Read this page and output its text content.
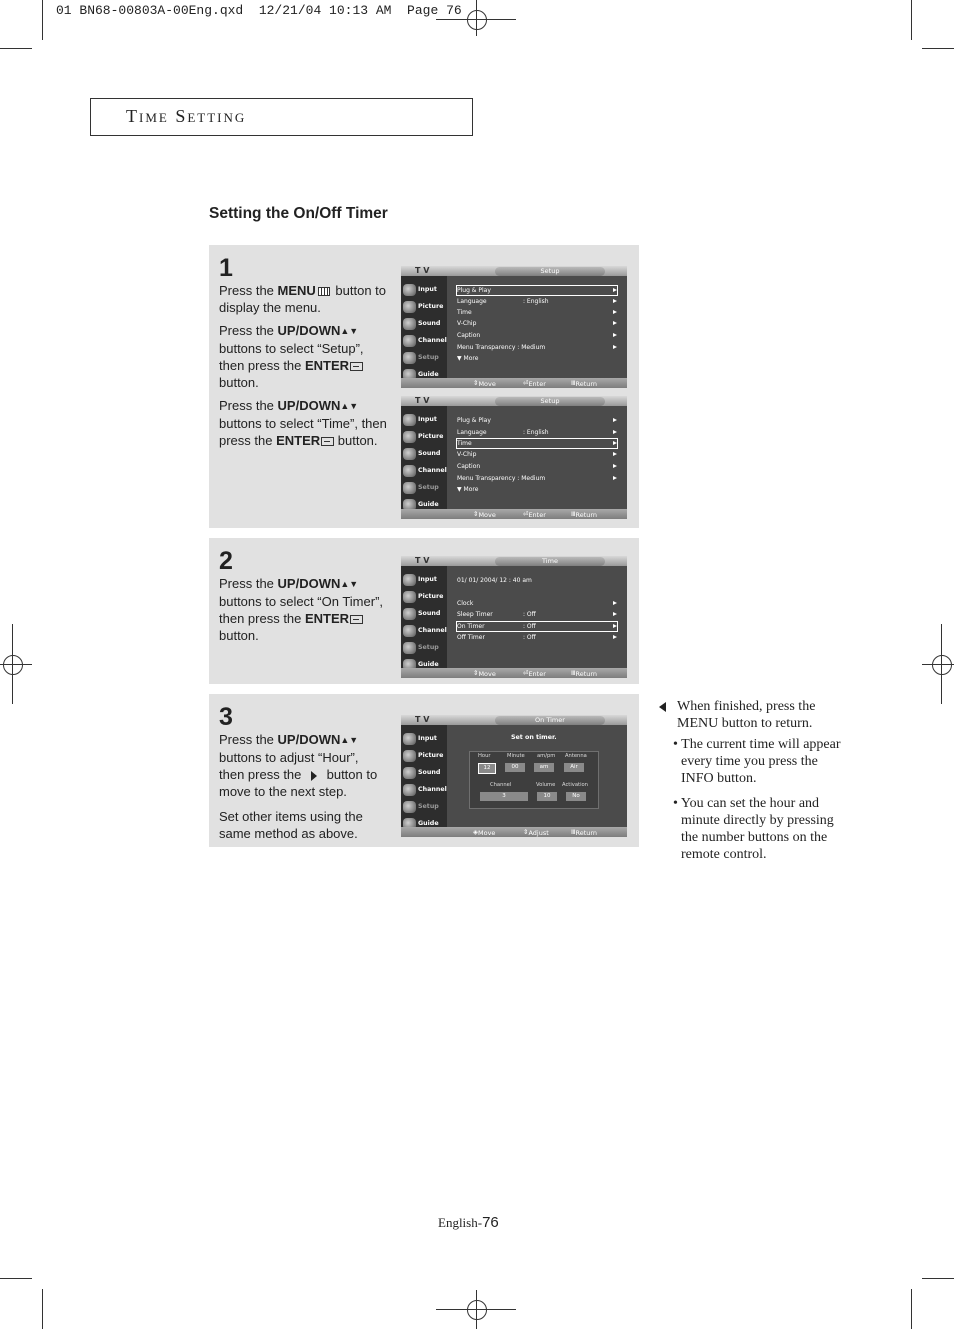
01 BN68-00803A-00Eng.qxd  12/21/04 10:13 AM  Page 76
Time Setting
Setting the On/Off Timer
1

Press the MENU button to display the menu.

Press the UP/DOWN▲▼ buttons to select “Setup”, then press the ENTER button.

Press the UP/DOWN▲▼ buttons to select “Time”, then press the ENTER button.

T V	Setup
Input
Picture
Sound
Channel
Setup
Guide
Plug & Play
Language	: English
Time
V-Chip
Caption
Menu Transparency : Medium
▼ More
⇕ Move	⏎ Enter	Ⅲ Return
T V	Setup
Input
Picture
Sound
Channel
Setup
Guide
Plug & Play
Language	: English
Time
V-Chip
Caption
Menu Transparency : Medium
▼ More
⇕ Move	⏎ Enter	Ⅲ Return
2

Press the UP/DOWN▲▼ buttons to select “On Timer”, then press the ENTER button.

T V	Time
Input
Picture
Sound
Channel
Setup
Guide
01/ 01/ 2004/ 12 : 40 am
Clock
Sleep Timer	: Off
On Timer	: Off
Off Timer	: Off
⇕ Move	⏎ Enter	Ⅲ Return
3

Press the UP/DOWN▲▼ buttons to adjust “Hour”, then press the  button to move to the next step.

Set other items using the same method as above.

T V	On Timer
Input
Picture
Sound
Channel
Setup
Guide
Set on timer.
Hour	Minute am/pm Antenna
12	00	am	Air
Channel	Volume Activation
3	10	No
◈ Move	⇕ Adjust	Ⅲ Return

When finished, press the MENU button to return.

• The current time will appear every time you press the INFO button.

• You can set the hour and minute directly by pressing the number buttons on the remote control.

English-76
